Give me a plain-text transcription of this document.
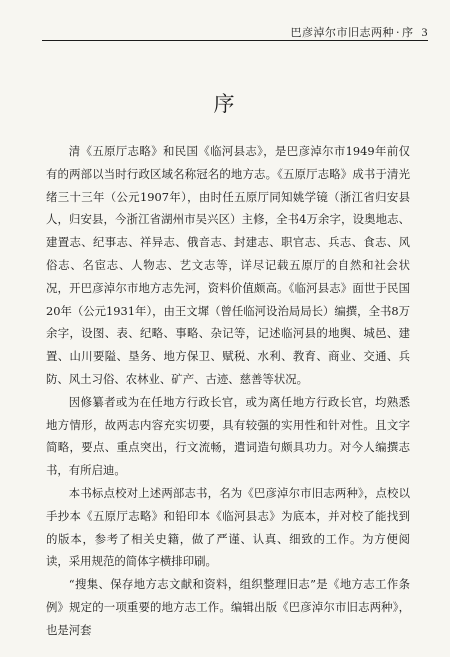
巴彦淖尔市旧志两种 · 序 3
序

清《五原厅志略》和民国《临河县志》，是巴彦淖尔市1949年前仅有的两部以当时行政区域名称冠名的地方志。《五原厅志略》成书于清光绪三十三年（公元1907年），由时任五原厅同知姚学镜（浙江省归安县人，归安县，今浙江省湖州市吴兴区）主修，全书4万余字，设奥地志、建置志、纪事志、祥异志、俄音志、封建志、职官志、兵志、食志、风俗志、名宦志、人物志、艺文志等，详尽记载五原厅的自然和社会状况，开巴彦淖尔市地方志先河，资料价值颇高。《临河县志》面世于民国20年（公元1931年），由王文墀（曾任临河设治局局长）编撰，全书8万余字，设图、表、纪略、事略、杂记等，记述临河县的地舆、城邑、建置、山川要隘、垦务、地方保卫、赋税、水利、教育、商业、交通、兵防、风土习俗、农林业、矿产、古迹、慈善等状况。

因修纂者或为在任地方行政长官，或为离任地方行政长官，均熟悉地方情形，故两志内容充实切要，具有较强的实用性和针对性。且文字简略，要点、重点突出，行文流畅，遣词造句颇具功力。对今人编撰志书，有所启迪。

本书标点校对上述两部志书，名为《巴彦淖尔市旧志两种》，点校以手抄本《五原厅志略》和铅印本《临河县志》为底本，并对校了能找到的版本，参考了相关史籍，做了严谨、认真、细致的工作。为方便阅读，采用规范的简体字横排印刷。

“搜集、保存地方志文献和资料，组织整理旧志”是《地方志工作条例》规定的一项重要的地方志工作。编辑出版《巴彦淖尔市旧志两种》，也是河套
